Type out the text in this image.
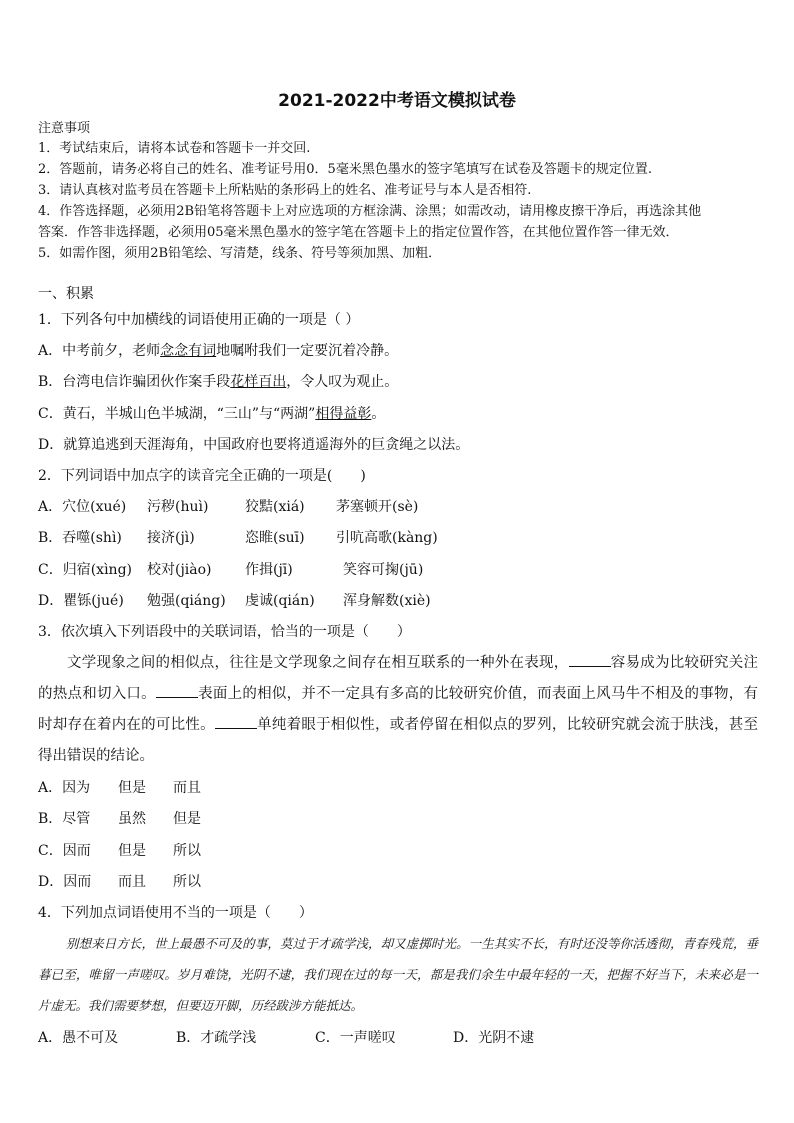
2021-2022中考语文模拟试卷
注意事项
1．考试结束后，请将本试卷和答题卡一并交回.
2．答题前，请务必将自己的姓名、准考证号用0．5毫米黑色墨水的签字笔填写在试卷及答题卡的规定位置.
3．请认真核对监考员在答题卡上所粘贴的条形码上的姓名、准考证号与本人是否相符.
4．作答选择题，必须用2B铅笔将答题卡上对应选项的方框涂满、涂黑；如需改动，请用橡皮擦干净后，再选涂其他
答案．作答非选择题，必须用05毫米黑色墨水的签字笔在答题卡上的指定位置作答，在其他位置作答一律无效．
5．如需作图，须用2B铅笔绘、写清楚，线条、符号等须加黑、加粗．
一、积累
1．下列各句中加横线的词语使用正确的一项是（ ）
A．中考前夕，老师念念有词地嘱咐我们一定要沉着冷静。
B．台湾电信诈骗团伙作案手段花样百出，令人叹为观止。
C．黄石，半城山色半城湖，“三山”与“两湖”相得益彰。
D．就算追逃到天涯海角，中国政府也要将逍遥海外的巨贪绳之以法。
2．下列词语中加点字的读音完全正确的一项是(　　)
A．穴位(xué) 污秽(huì)	狡黠(xiá) 茅塞顿开(sè)
B．吞噬(shì) 接济(jì)	恣睢(suī) 引吭高歌(kàng)
C．归宿(xìng) 校对(jiào) 作揖(jī)	笑容可掬(jū)
D．瞿铄(jué) 勉强(qiáng) 虔诚(qián) 浑身解数(xiè)
3．依次填入下列语段中的关联词语，恰当的一项是（　　）
文学现象之间的相似点，往往是文学现象之间存在相互联系的一种外在表现，	容易成为比较研究关注的热点和切入口。	表面上的相似，并不一定具有多高的比较研究价值，而表面上风马牛不相及的事物，有时却存在着内在的可比性。	单纯着眼于相似性，或者停留在相似点的罗列，比较研究就会流于肤浅，甚至得出错误的结论。
A．因为 但是 而且
B．尽管 虽然 但是
C．因而 但是 所以
D．因而 而且 所以
4．下列加点词语使用不当的一项是（　　）
别想来日方长，世上最愚不可及的事，莫过于才疏学浅，却又虚掷时光。一生其实不长，有时还没等你活透彻，青春残荒，垂暮已至，唯留一声嗟叹。岁月难饶，光阴不逮，我们现在过的每一天，都是我们余生中最年轻的一天，把握不好当下，未来必是一片虚无。我们需要梦想，但要迈开脚，历经跋涉方能抵达。
A．愚不可及	B．才疏学浅	C．一声嗟叹	D．光阴不逮
